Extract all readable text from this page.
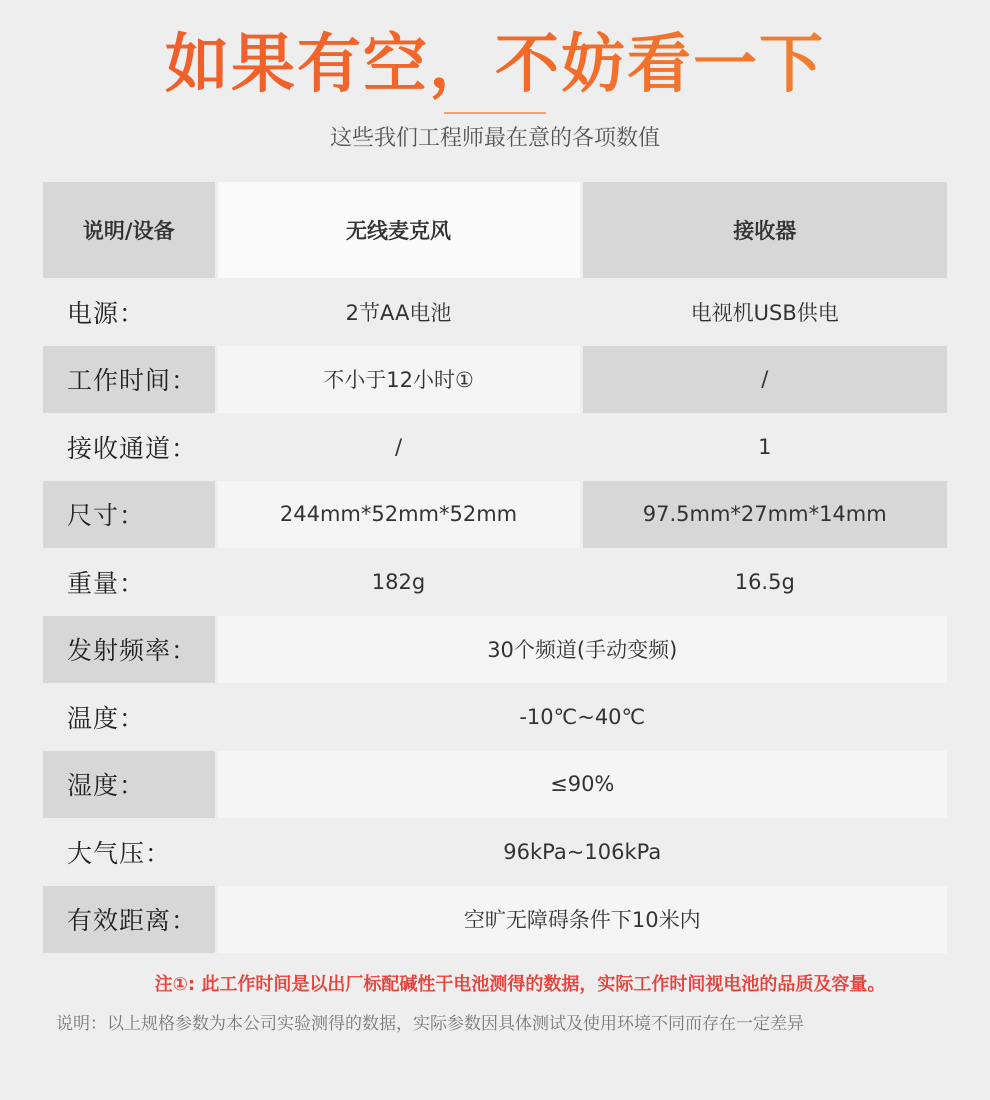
如果有空，不妨看一下
这些我们工程师最在意的各项数值
说明/设备	无线麦克风	接收器
电源：	2节AA电池	电视机USB供电
工作时间：	不小于12小时①	/
接收通道：	/	1
尺寸：	244mm*52mm*52mm	97.5mm*27mm*14mm
重量：	182g	16.5g
发射频率：	30个频道(手动变频)	
温度：	-10℃~40℃	
湿度：	≤90%	
大气压：	96kPa~106kPa	
有效距离：	空旷无障碍条件下10米内	
注①: 此工作时间是以出厂标配碱性干电池测得的数据，实际工作时间视电池的品质及容量。
说明：以上规格参数为本公司实验测得的数据，实际参数因具体测试及使用环境不同而存在一定差异
